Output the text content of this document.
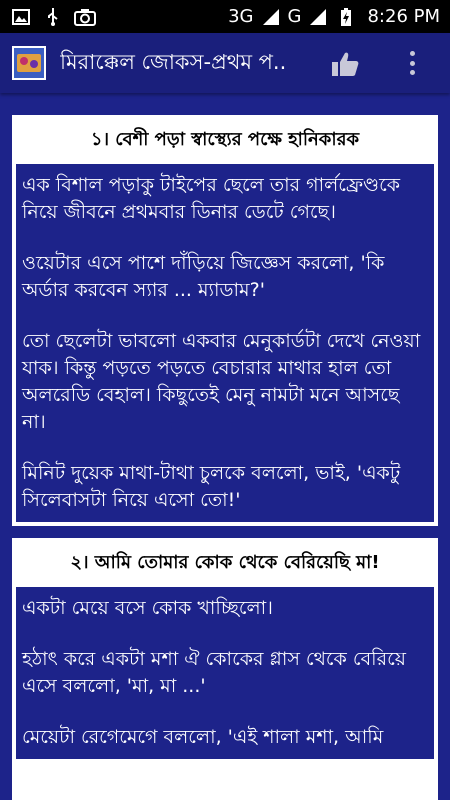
3G G	8:26 PM
মিরাক্কেল জোকস-প্রথম প..
১। বেশী পড়া স্বাস্থ্যের পক্ষে হানিকারক

এক বিশাল পড়াকু টাইপের ছেলে তার গার্লফ্রেণ্ডকে নিয়ে জীবনে প্রথমবার ডিনার ডেটে গেছে।

ওয়েটার এসে পাশে দাঁড়িয়ে জিজ্ঞেস করলো, 'কি অর্ডার করবেন স্যার ... ম্যাডাম?'

তো ছেলেটা ভাবলো একবার মেনুকার্ডটা দেখে নেওয়া যাক। কিন্তু পড়তে পড়তে বেচারার মাথার হাল তো অলরেডি বেহাল। কিছুতেই মেনু নামটা মনে আসছে না।

মিনিট দুয়েক মাথা-টাথা চুলকে বললো, ভাই, 'একটু সিলেবাসটা নিয়ে এসো তো!'

২। আমি তোমার কোক থেকে বেরিয়েছি মা!

একটা মেয়ে বসে কোক খাচ্ছিলো।

হঠাৎ করে একটা মশা ঐ কোকের গ্লাস থেকে বেরিয়ে এসে বললো, 'মা, মা ...'

মেয়েটা রেগেমেগে বললো, 'এই শালা মশা, আমি
